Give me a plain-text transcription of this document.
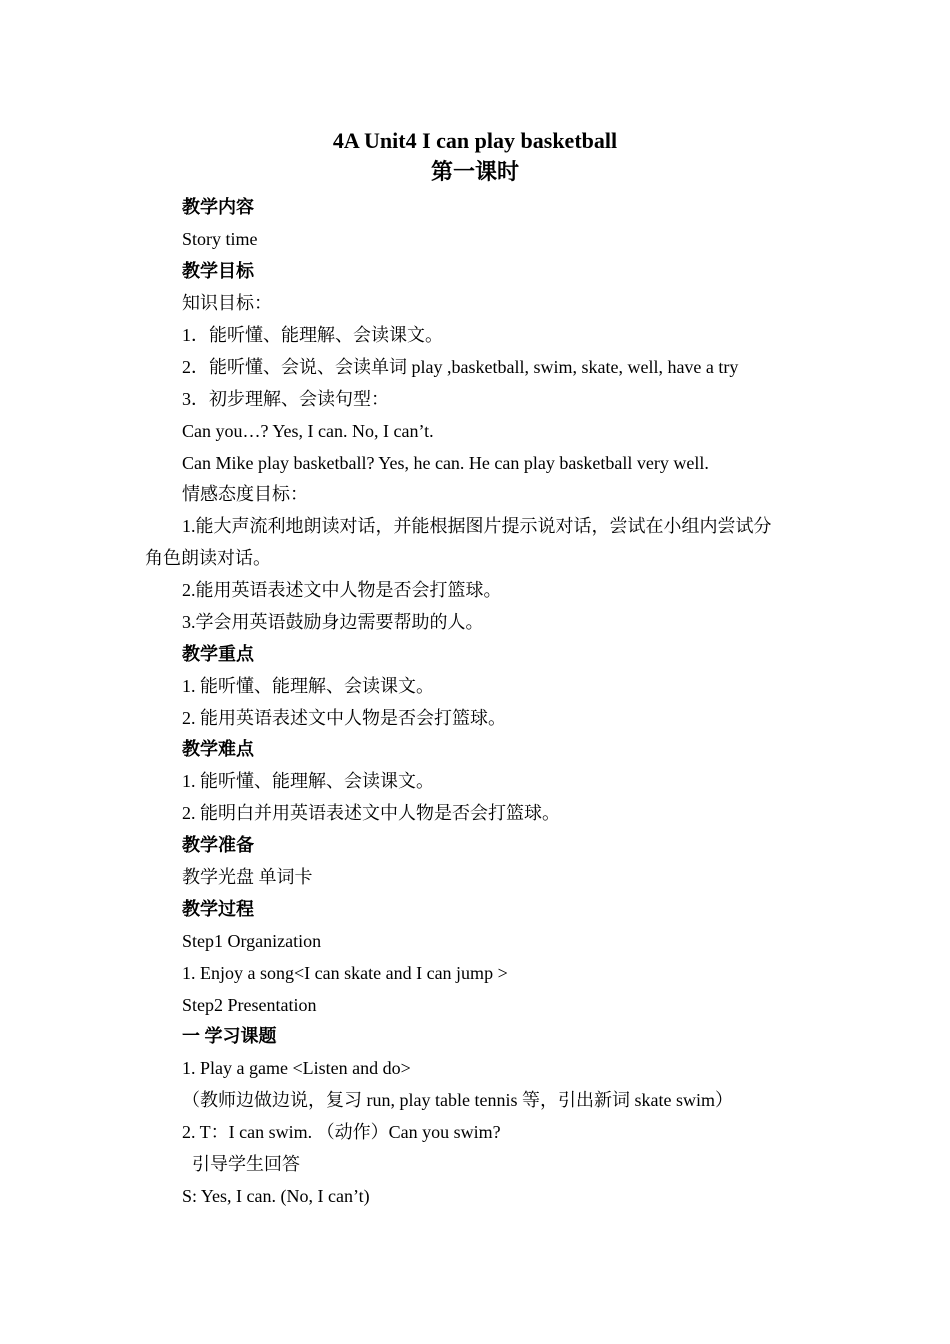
4A Unit4 I can play basketball
第一课时
教学内容
Story time
教学目标
知识目标：
1．能听懂、能理解、会读课文。
2．能听懂、会说、会读单词 play ,basketball, swim, skate, well, have a try
3．初步理解、会读句型：
Can you…? Yes, I can. No, I can’t.
Can Mike play basketball? Yes, he can. He can play basketball very well.
情感态度目标：
1.能大声流利地朗读对话，并能根据图片提示说对话，尝试在小组内尝试分
角色朗读对话。
2.能用英语表述文中人物是否会打篮球。
3.学会用英语鼓励身边需要帮助的人。
教学重点
1. 能听懂、能理解、会读课文。
2. 能用英语表述文中人物是否会打篮球。
教学难点
1. 能听懂、能理解、会读课文。
2. 能明白并用英语表述文中人物是否会打篮球。
教学准备
教学光盘 单词卡
教学过程
Step1 Organization
1. Enjoy a song<I can skate and I can jump >
Step2 Presentation
一 学习课题
1. Play a game <Listen and do>
（教师边做边说，复习 run, play table tennis 等，引出新词 skate swim）
2. T：I can swim. （动作）Can you swim?
引导学生回答
S: Yes, I can. (No, I can’t)
